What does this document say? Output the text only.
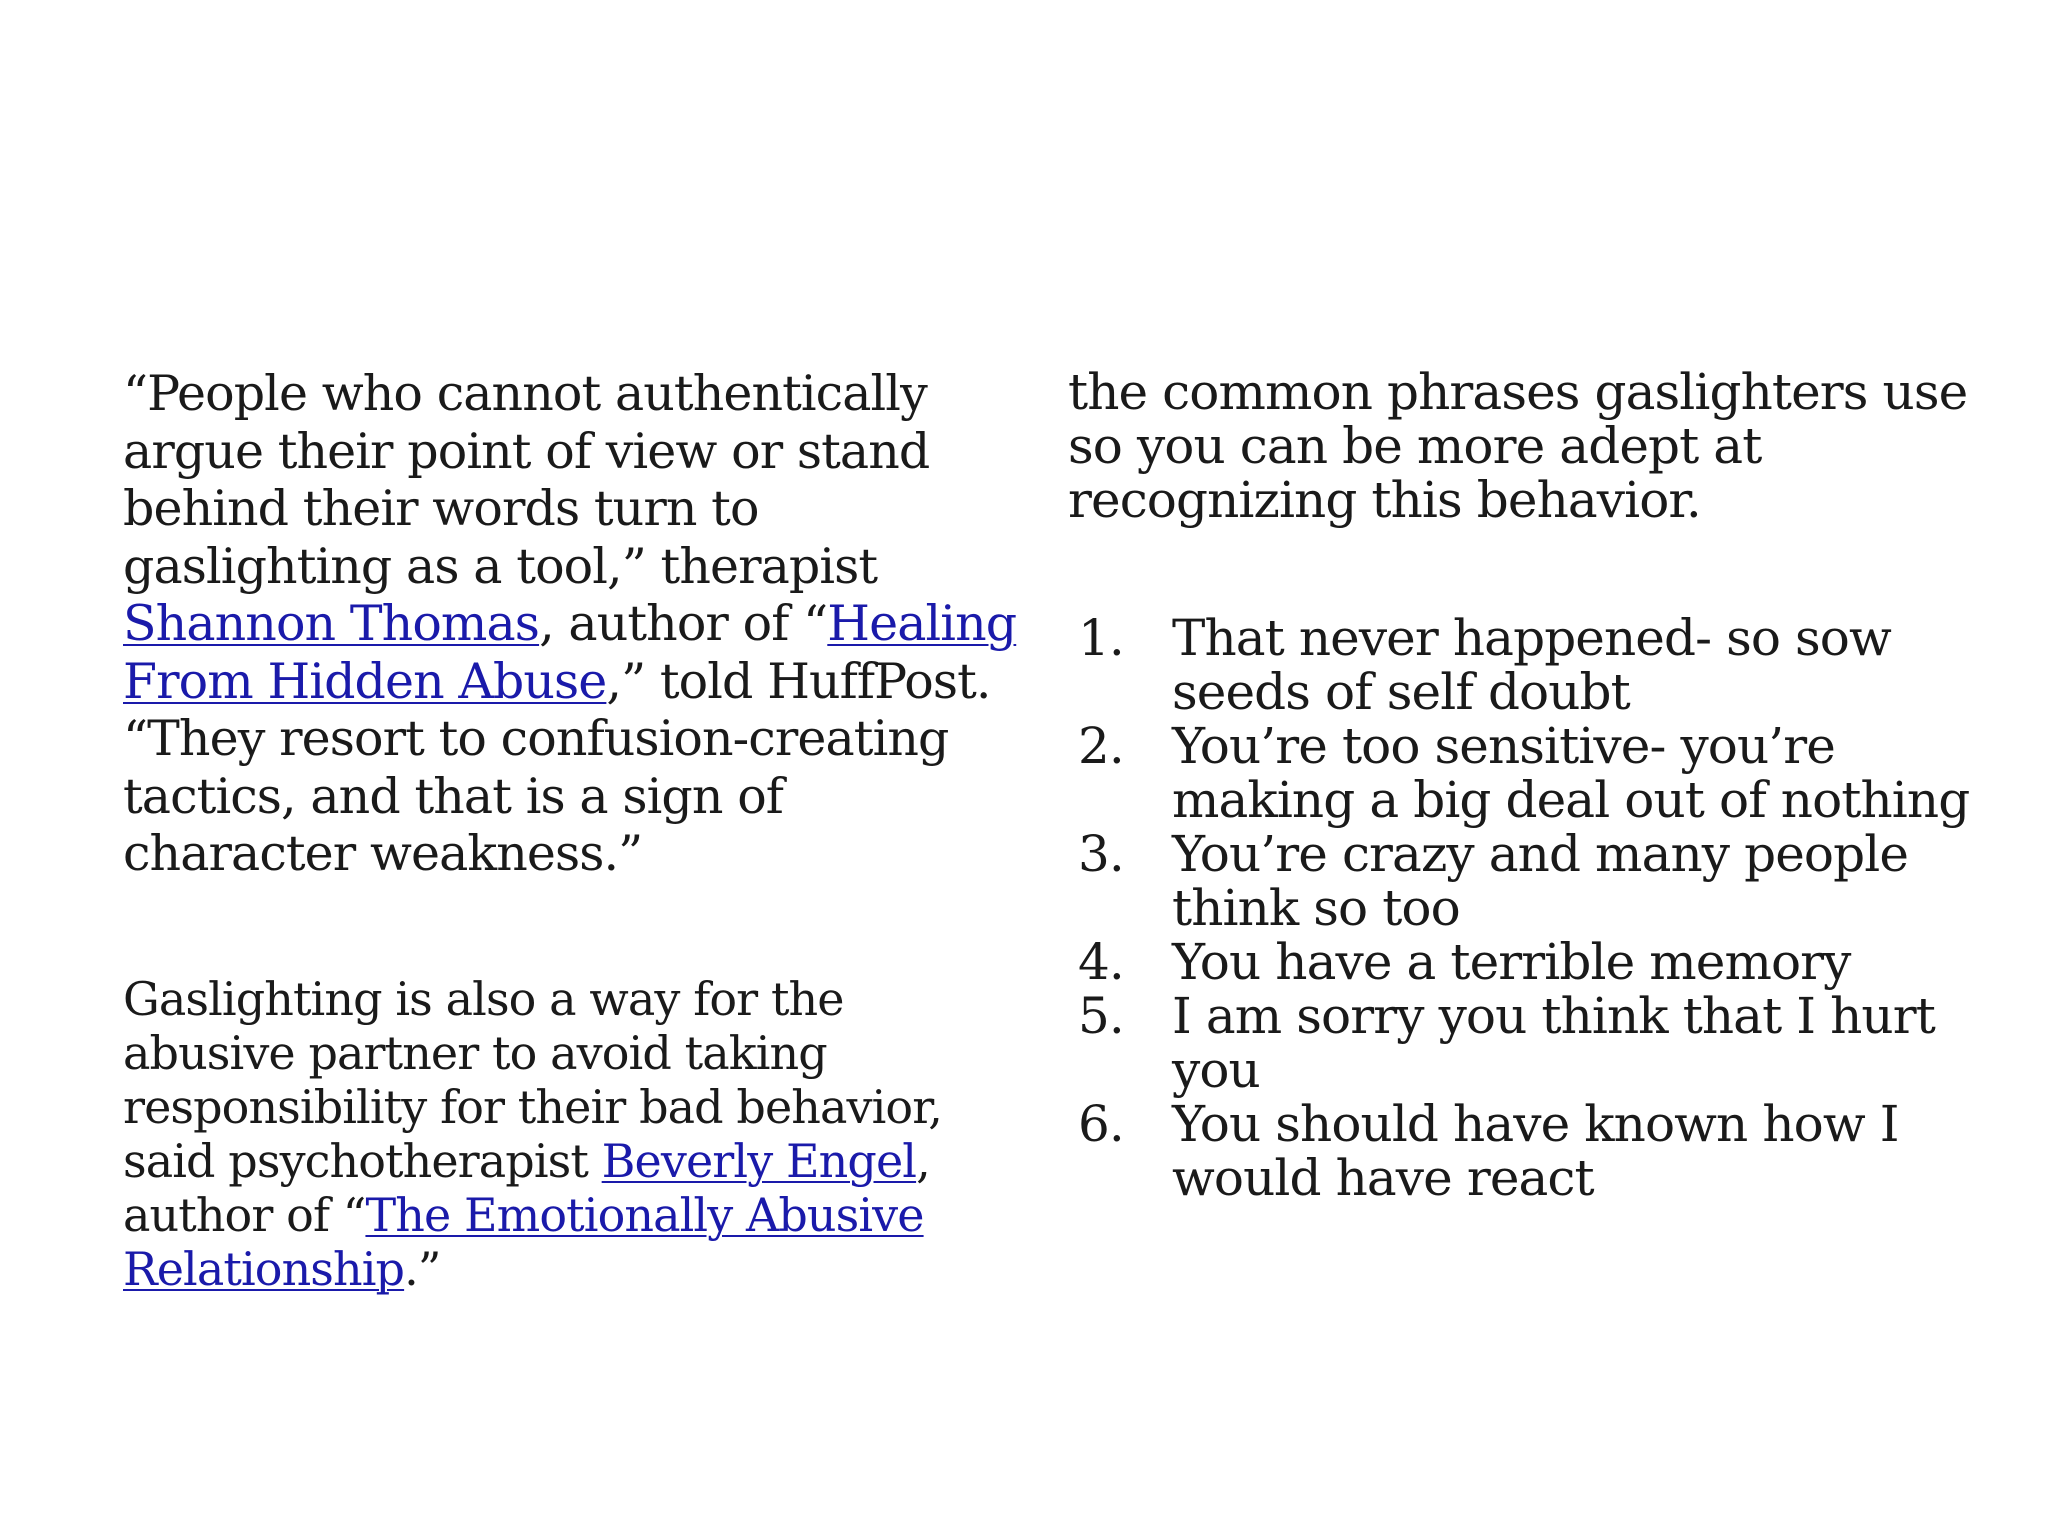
“People who cannot authentically argue their point of view or stand behind their words turn to gaslighting as a tool,” therapist Shannon Thomas, author of “Healing From Hidden Abuse,” told HuffPost. “They resort to confusion-creating tactics, and that is a sign of character weakness.”

Gaslighting is also a way for the abusive partner to avoid taking responsibility for their bad behavior, said psychotherapist Beverly Engel, author of “The Emotionally Abusive Relationship.”

the common phrases gaslighters use so you can be more adept at recognizing this behavior.

1. That never happened- so sow seeds of self doubt
2. You’re too sensitive- you’re making a big deal out of nothing
3. You’re crazy and many people think so too
4. You have a terrible memory
5. I am sorry you think that I hurt you
6. You should have known how I would have react
